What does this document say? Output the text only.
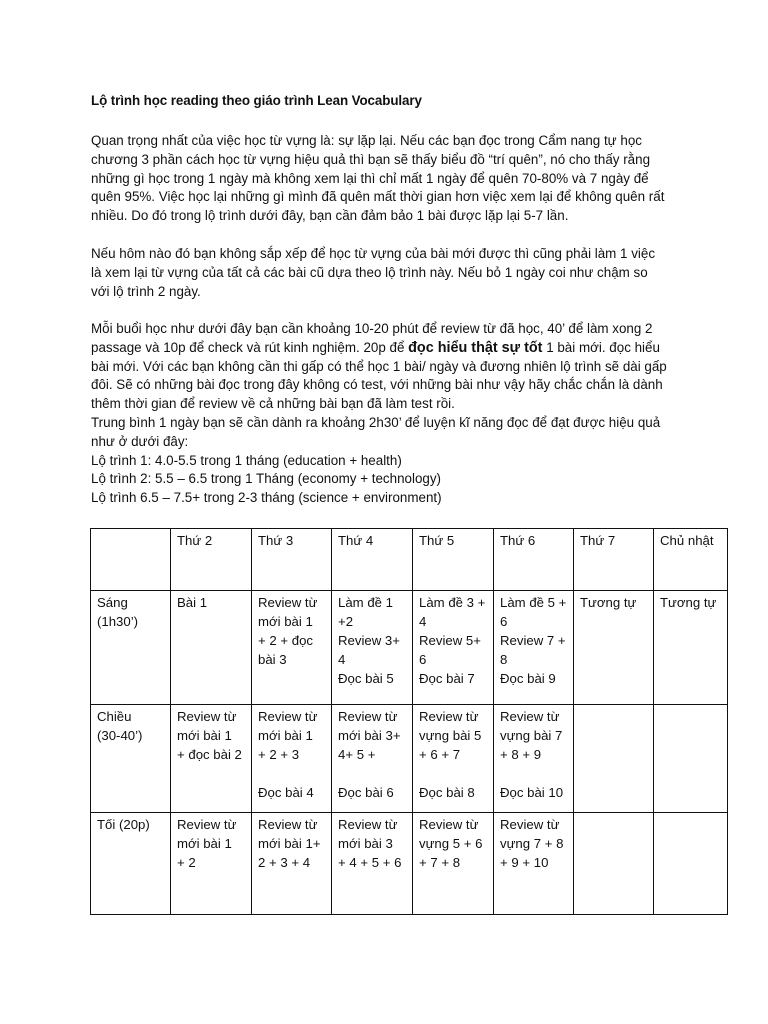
Lộ trình học reading theo giáo trình Lean Vocabulary
Quan trọng nhất của việc học từ vựng là: sự lặp lại. Nếu các bạn đọc trong Cẩm nang tự học
chương 3 phần cách học từ vựng hiệu quả thì bạn sẽ thấy biểu đồ “trí quên”, nó cho thấy rằng
những gì học trong 1 ngày mà không xem lại thì chỉ mất 1 ngày để quên 70-80% và 7 ngày để
quên 95%. Việc học lại những gì mình đã quên mất thời gian hơn việc xem lại để không quên rất
nhiều. Do đó trong lộ trình dưới đây, bạn cần đảm bảo 1 bài được lặp lại 5-7 lần.
Nếu hôm nào đó bạn không sắp xếp để học từ vựng của bài mới được thì cũng phải làm 1 việc
là xem lại từ vựng của tất cả các bài cũ dựa theo lộ trình này. Nếu bỏ 1 ngày coi như chậm so
với lộ trình 2 ngày.
Mỗi buổi học như dưới đây bạn cần khoảng 10-20 phút để review từ đã học, 40’ để làm xong 2
passage và 10p để check và rút kinh nghiệm. 20p để đọc hiểu thật sự tốt 1 bài mới. đọc hiểu
bài mới. Với các bạn không cần thi gấp có thể học 1 bài/ ngày và đương nhiên lộ trình sẽ dài gấp
đôi. Sẽ có những bài đọc trong đây không có test, với những bài như vậy hãy chắc chắn là dành
thêm thời gian để review về cả những bài bạn đã làm test rồi.
Trung bình 1 ngày bạn sẽ cần dành ra khoảng 2h30’ để luyện kĩ năng đọc để đạt được hiệu quả
như ở dưới đây:
Lộ trình 1: 4.0-5.5 trong 1 tháng (education + health)
Lộ trình 2: 5.5 – 6.5 trong 1 Tháng (economy + technology)
Lộ trình 6.5 – 7.5+ trong 2-3 tháng (science + environment)
	Thứ 2	Thứ 3	Thứ 4	Thứ 5	Thứ 6	Thứ 7	Chủ nhật

Sáng
(1h30’)	Bài 1	Review từ
mới bài 1
+ 2 + đọc
bài 3	Làm đề 1
+2
Review 3+
4
Đọc bài 5	Làm đề 3 +
4
Review 5+
6
Đọc bài 7	Làm đề 5 +
6
Review 7 +
8
Đọc bài 9	Tương tự	Tương tự

Chiều
(30-40’)	Review từ
mới bài 1
+ đọc bài 2	Review từ
mới bài 1
+ 2 + 3
Đọc bài 4	Review từ
mới bài 3+
4+ 5 +
Đọc bài 6	Review từ
vựng bài 5
+ 6 + 7
Đọc bài 8	Review từ
vựng bài 7
+ 8 + 9
Đọc bài 10		

Tối (20p)	Review từ
mới bài 1
+ 2	Review từ
mới bài 1+
2 + 3 + 4	Review từ
mới bài 3
+ 4 + 5 + 6	Review từ
vựng 5 + 6
+ 7 + 8	Review từ
vựng 7 + 8
+ 9 + 10		
